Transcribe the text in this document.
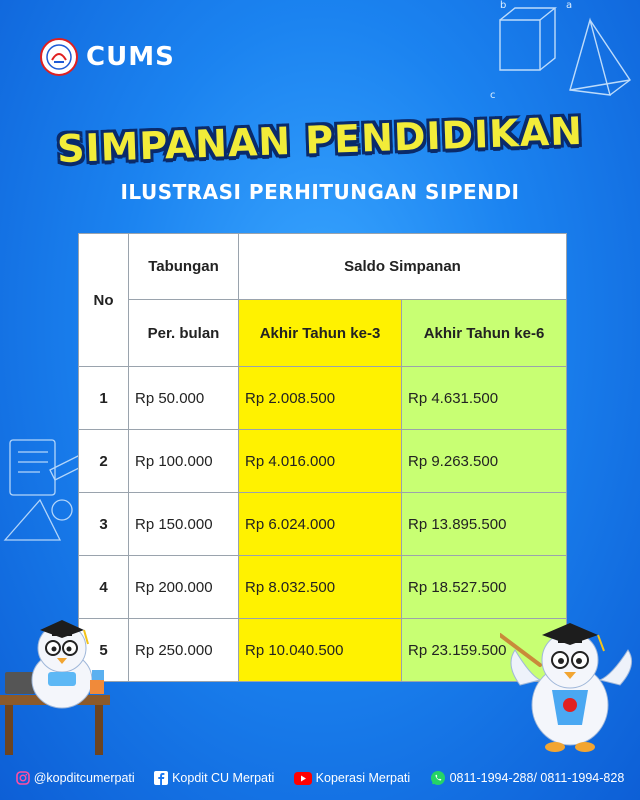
b	a
c
CUMS
SIMPANAN PENDIDIKAN
ILUSTRASI PERHITUNGAN SIPENDI
No	Tabungan	Saldo Simpanan	
	Per. bulan	Akhir Tahun ke-3	Akhir Tahun ke-6
1	Rp 50.000	Rp 2.008.500	Rp 4.631.500
2	Rp 100.000	Rp 4.016.000	Rp 9.263.500
3	Rp 150.000	Rp 6.024.000	Rp 13.895.500
4	Rp 200.000	Rp 8.032.500	Rp 18.527.500
5	Rp 250.000	Rp 10.040.500	Rp 23.159.500
@kopditcumerpati	Kopdit CU Merpati	Koperasi Merpati	0811-1994-288/ 0811-1994-828
